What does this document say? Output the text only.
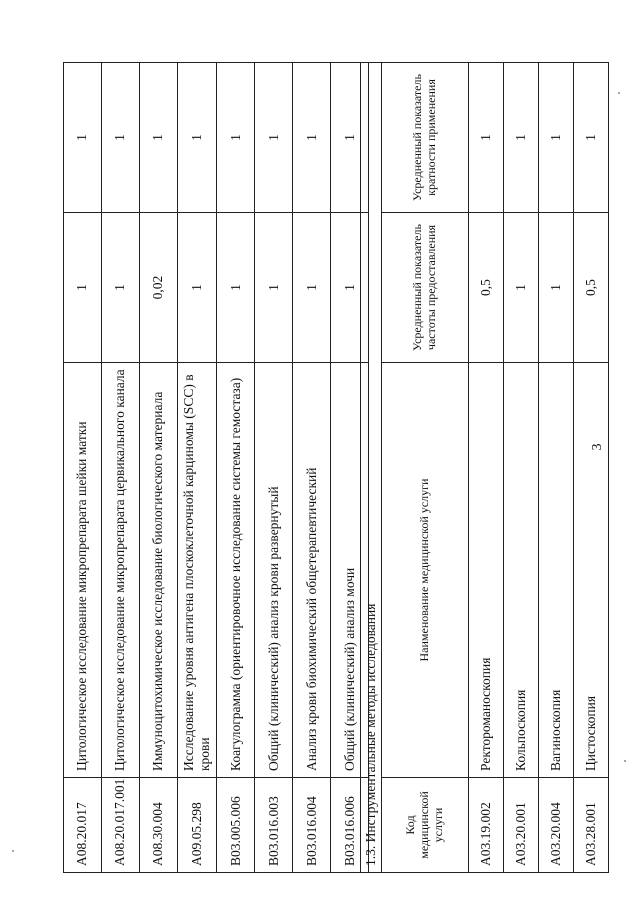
3
A08.20.017	Цитологическое исследование микропрепарата шейки матки	1	1
A08.20.017.001	Цитологическое исследование микропрепарата цервикального канала	1	1
A08.30.004	Иммуноцитохимическое исследование биологического материала	0,02	1
A09.05.298	Исследование уровня антигена плоскоклеточной карциномы (SCC) в крови	1	1
B03.005.006	Коагулограмма (ориентировочное исследование системы гемостаза)	1	1
B03.016.003	Общий (клинический) анализ крови развернутый	1	1
B03.016.004	Анализ крови биохимический общетерапевтический	1	1
B03.016.006	Общий (клинический) анализ мочи	1	1
1.3. Инструментальные методы исследования			
Код медицинской услуги	Наименование медицинской услуги	Усредненный показатель частоты предоставления	Усредненный показатель кратности применения
A03.19.002	Ректороманоскопия	0,5	1
A03.20.001	Кольпоскопия	1	1
A03.20.004	Вагиноскопия	1	1
A03.28.001	Цистоскопия	0,5	1
